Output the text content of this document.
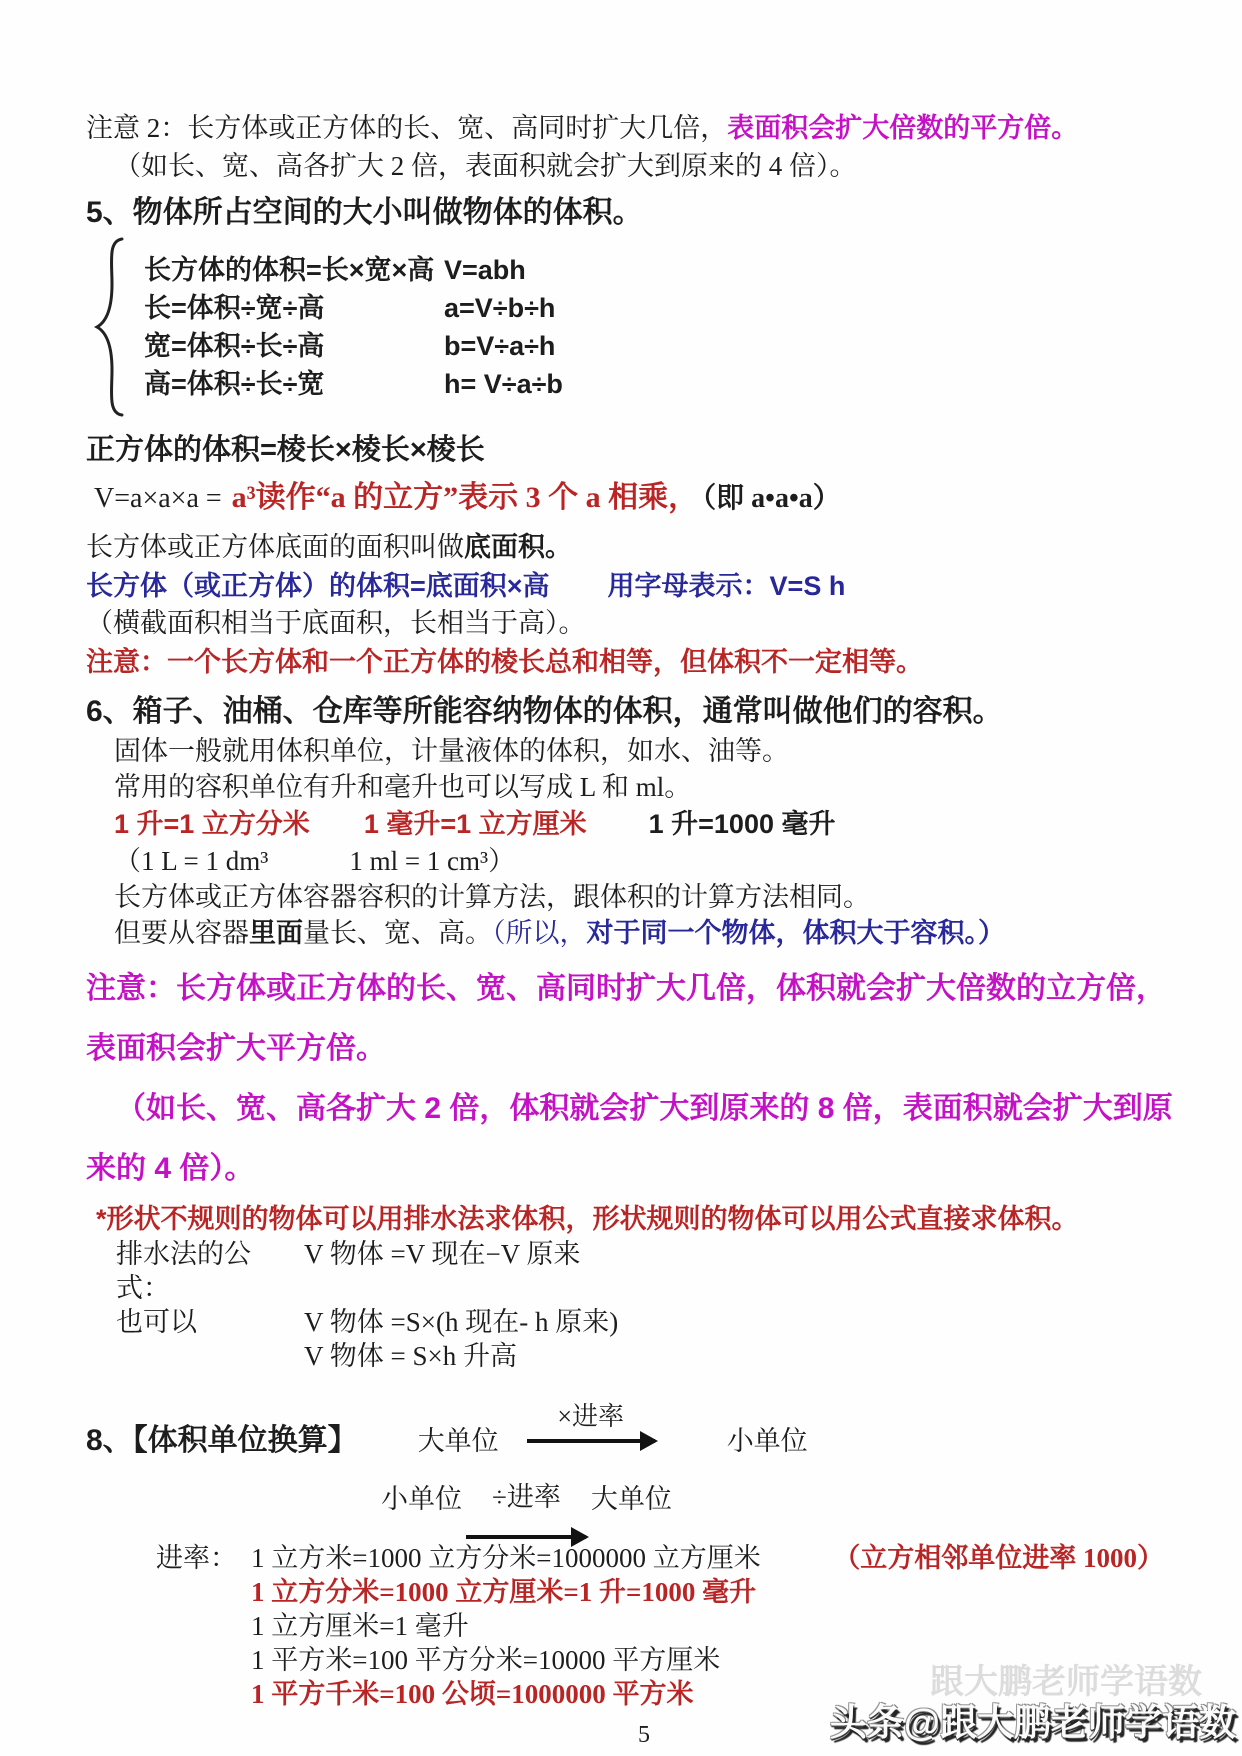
注意 2：长方体或正方体的长、宽、高同时扩大几倍，表面积会扩大倍数的平方倍。
（如长、宽、高各扩大 2 倍，表面积就会扩大到原来的 4 倍）。
5、物体所占空间的大小叫做物体的体积。
长方体的体积=长×宽×高 V=abh
长=体积÷宽÷高	a=V÷b÷h
宽=体积÷长÷高	b=V÷a÷h
高=体积÷长÷宽	h= V÷a÷b
正方体的体积=棱长×棱长×棱长
V=a×a×a = a³读作“a 的立方”表示 3 个 a 相乘， （即 a•a•a）
长方体或正方体底面的面积叫做底面积。
长方体（或正方体）的体积=底面积×高 用字母表示：V=S h
（横截面积相当于底面积，长相当于高）。
注意：一个长方体和一个正方体的棱长总和相等，但体积不一定相等。
6、箱子、油桶、仓库等所能容纳物体的体积，通常叫做他们的容积。
固体一般就用体积单位，计量液体的体积，如水、油等。
常用的容积单位有升和毫升也可以写成 L 和 ml。
1 升=1 立方分米 1 毫升=1 立方厘米 1 升=1000 毫升
（1 L = 1 dm³　　　1 ml = 1 cm³）
长方体或正方体容器容积的计算方法，跟体积的计算方法相同。
但要从容器里面量长、宽、高。（所以，对于同一个物体，体积大于容积。）
注意：长方体或正方体的长、宽、高同时扩大几倍，体积就会扩大倍数的立方倍，
表面积会扩大平方倍。
（如长、宽、高各扩大 2 倍，体积就会扩大到原来的 8 倍，表面积就会扩大到原
来的 4 倍）。
*形状不规则的物体可以用排水法求体积，形状规则的物体可以用公式直接求体积。
排水法的公式：
V 物体 =V 现在−V 原来
也可以	V 物体 =S×(h 现在- h 原来)
V 物体 = S×h 升高
8、【体积单位换算】 大单位
×进率
小单位
小单位 ÷进率 大单位
进率： 1 立方米=1000 立方分米=1000000 立方厘米	（立方相邻单位进率 1000）
1 立方分米=1000 立方厘米=1 升=1000 毫升
1 立方厘米=1 毫升
1 平方米=100 平方分米=10000 平方厘米
1 平方千米=100 公顷=1000000 平方米
5
跟大鹏老师学语数
头条@跟大鹏老师学语数
